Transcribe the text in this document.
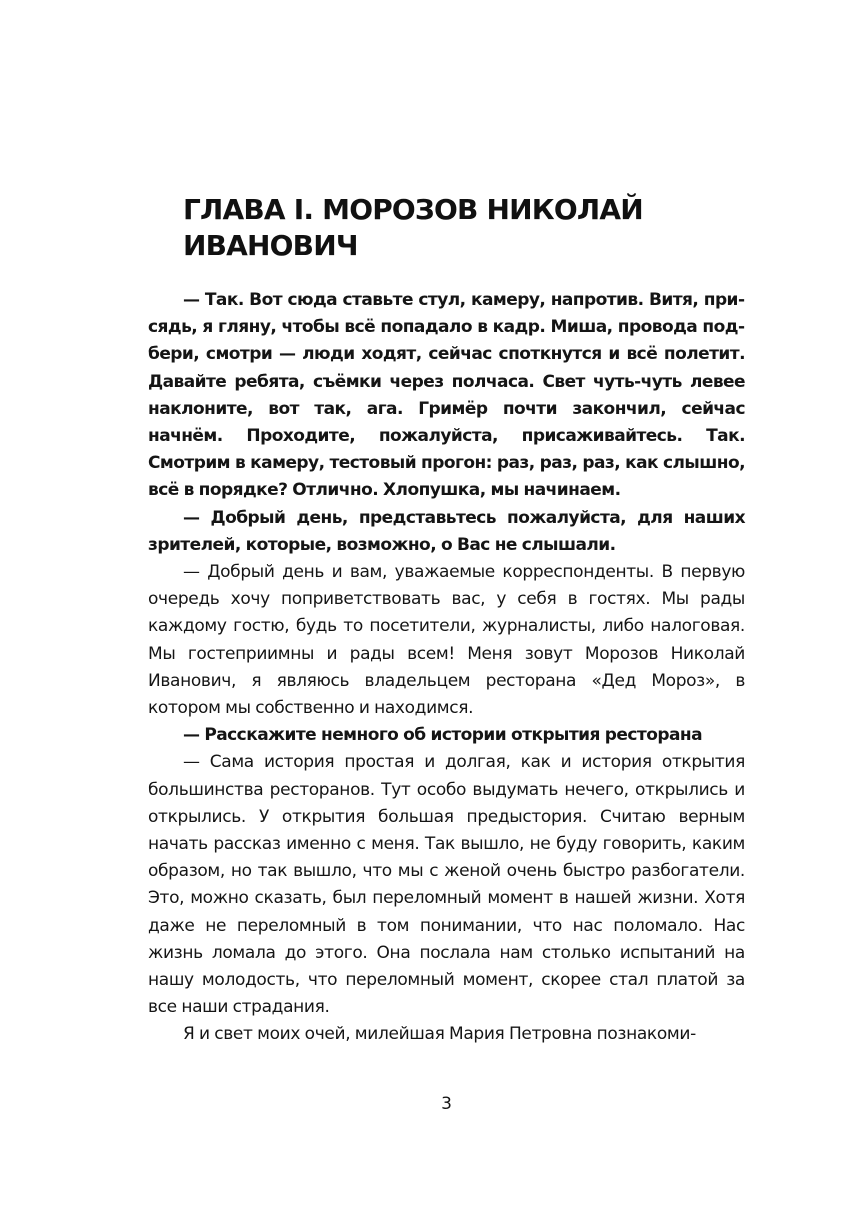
ГЛАВА I. МОРОЗОВ НИКОЛАЙ ИВАНОВИЧ

— Так. Вот сюда ставьте стул, камеру, напротив. Витя, присядь, я гляну, чтобы всё попадало в кадр. Миша, провода подбери, смотри — люди ходят, сейчас споткнутся и всё полетит. Давайте ребята, съёмки через полчаса. Свет чуть-чуть левее наклоните, вот так, ага. Гримёр почти закончил, сейчас начнём. Проходите, пожалуйста, присаживайтесь. Так. Смотрим в камеру, тестовый прогон: раз, раз, раз, как слышно, всё в порядке? Отлично. Хлопушка, мы начинаем.

— Добрый день, представьтесь пожалуйста, для наших зрителей, которые, возможно, о Вас не слышали.

— Добрый день и вам, уважаемые корреспонденты. В первую очередь хочу поприветствовать вас, у себя в гостях. Мы рады каждому гостю, будь то посетители, журналисты, либо налоговая. Мы гостеприимны и рады всем! Меня зовут Морозов Николай Иванович, я являюсь владельцем ресторана «Дед Мороз», в котором мы собственно и находимся.

— Расскажите немного об истории открытия ресторана

— Сама история простая и долгая, как и история открытия большинства ресторанов. Тут особо выдумать нечего, открылись и открылись. У открытия большая предыстория. Считаю верным начать рассказ именно с меня. Так вышло, не буду говорить, каким образом, но так вышло, что мы с женой очень быстро разбогатели. Это, можно сказать, был переломный момент в нашей жизни. Хотя даже не переломный в том понимании, что нас поломало. Нас жизнь ломала до этого. Она послала нам столько испытаний на нашу молодость, что переломный момент, скорее стал платой за все наши страдания.

Я и свет моих очей, милейшая Мария Петровна познакоми-

3
